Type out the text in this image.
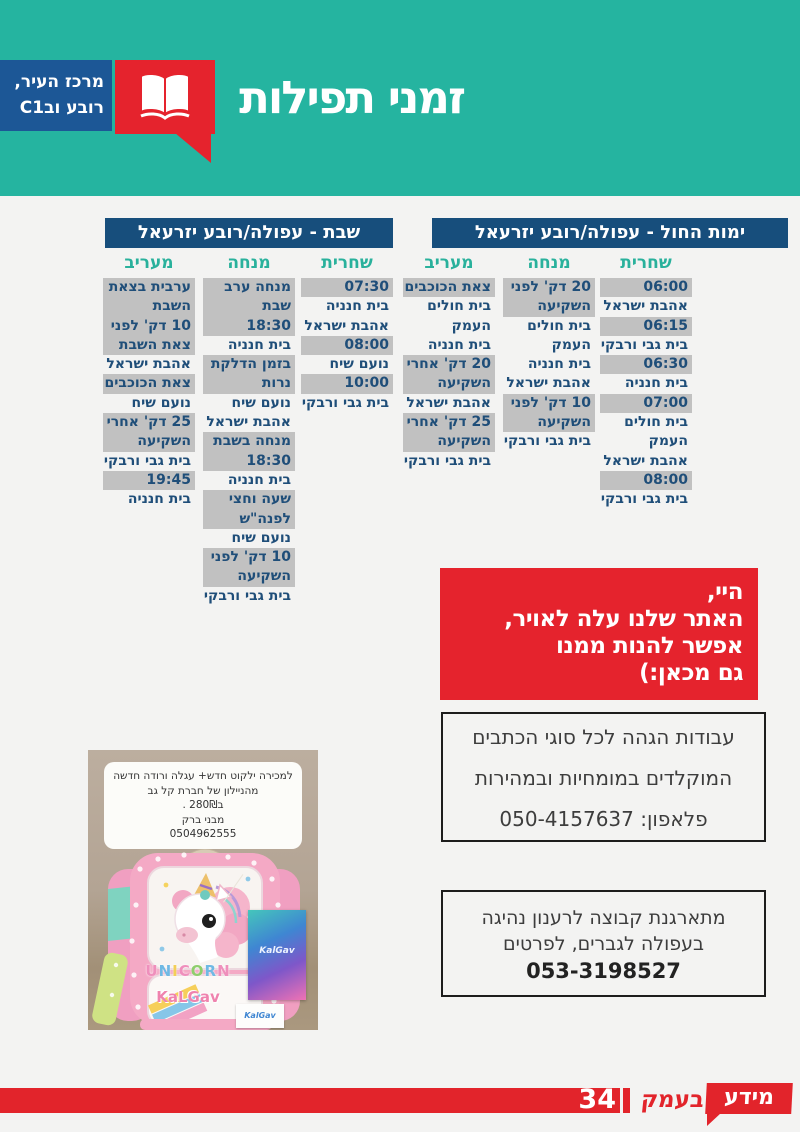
מרכז העיר,
רובע ובC1	זמני תפילות
ימות החול - עפולה/רובע יזרעאל
שחרית
06:00
אהבת ישראל
06:15
בית גבי ורבקי
06:30
בית חנניה
07:00
בית חולים
העמק
אהבת ישראל
08:00
בית גבי ורבקי
מנחה
20 דק' לפני
השקיעה
בית חולים
העמק
בית חנניה
אהבת ישראל
10 דק' לפני
השקיעה
בית גבי ורבקי
מעריב
צאת הכוכבים
בית חולים
העמק
בית חנניה
20 דק' אחרי
השקיעה
אהבת ישראל
25 דק' אחרי
השקיעה
בית גבי ורבקי
שבת - עפולה/רובע יזרעאל
שחרית
07:30
בית חנניה
אהבת ישראל
08:00
נועם שיח
10:00
בית גבי ורבקי
מנחה
מנחה ערב
שבת
18:30
בית חנניה
בזמן הדלקת
נרות
נועם שיח
אהבת ישראל
מנחה בשבת
18:30
בית חנניה
שעה וחצי
לפנה"ש
נועם שיח
10 דק' לפני
השקיעה
בית גבי ורבקי
מעריב
ערבית בצאת
השבת
10 דק' לפני
צאת השבת
אהבת ישראל
צאת הכוכבים
נועם שיח
25 דק' אחרי
השקיעה
בית גבי ורבקי
19:45
בית חנניה
היי,
האתר שלנו עלה לאויר,
אפשר להנות ממנו
גם מכאן:)
עבודות הגהה לכל סוגי הכתבים
המוקלדים במומחיות ובמהירות
פלאפון: 050-4157637
מתארגנת קבוצה לרענון נהיגה
בעפולה לגברים, לפרטים
053-3198527
למכירה ילקוט חדש+ עגלה ורודה חדשה
מהניילון של חברת קל גב
ב280₪ .
מבני ברק
0504962555
KalGav
KalGav
UNICORN
KaLGav
34 בעמק מידע
